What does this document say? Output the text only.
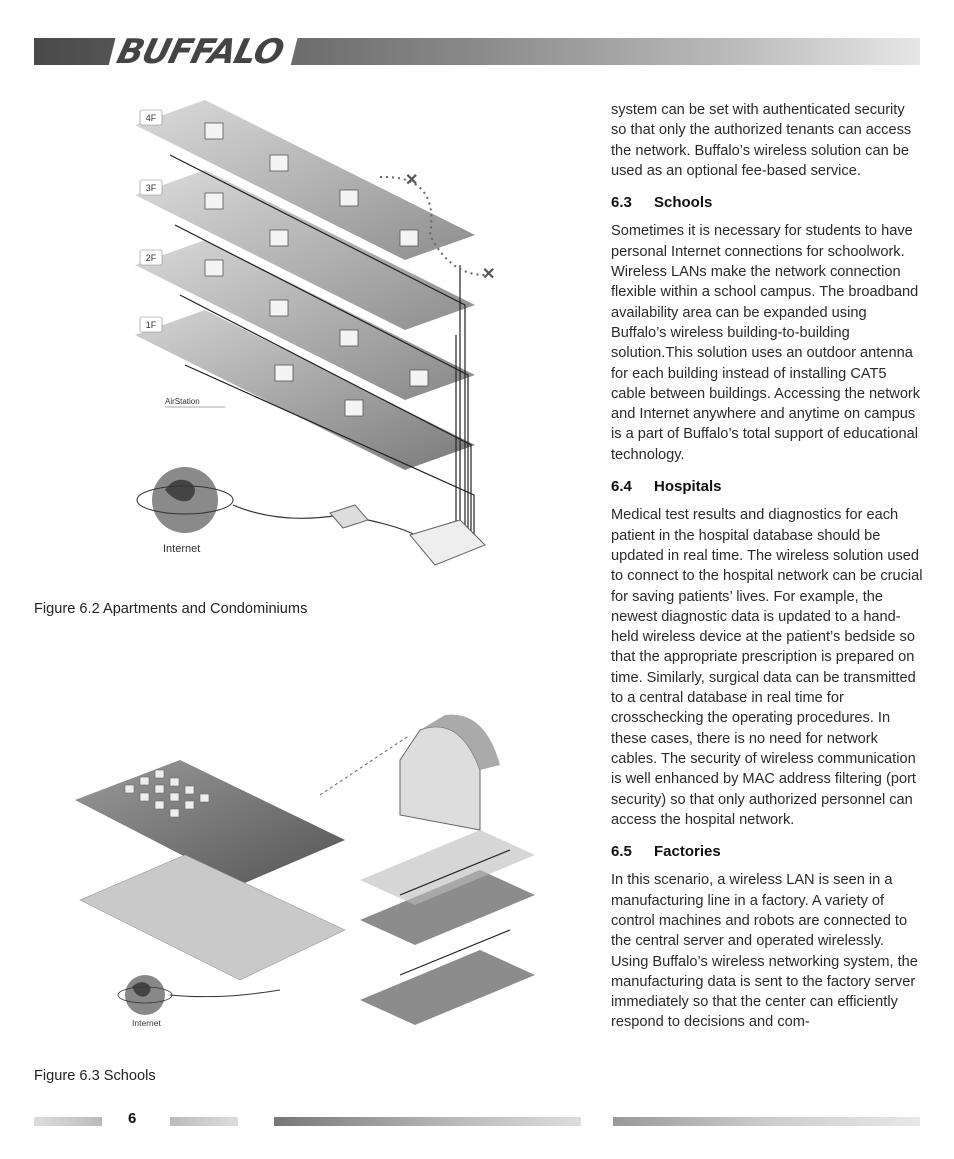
BUFFALO
4F
3F
2F
1F
AirStation
✕
✕
Internet
Figure 6.2 Apartments and Condominiums
Internet
Figure 6.3 Schools

system can be set with authenticated security so that only the authorized tenants can access the network. Buffalo’s wireless solution can be used as an optional fee-based service.

6.3 Schools

Sometimes it is necessary for students to have personal Internet connections for schoolwork. Wireless LANs make the network connection flexible within a school campus. The broadband availability area can be expanded using Buffalo’s wireless building-to-building solution.This solution uses an outdoor antenna for each building instead of installing CAT5 cable between buildings. Accessing the network and Internet anywhere and anytime on campus is a part of Buffalo’s total support of educational technology.

6.4 Hospitals

Medical test results and diagnostics for each patient in the hospital database should be updated in real time. The wireless solution used to connect to the hospital network can be crucial for saving patients’ lives. For example, the newest diagnostic data is updated to a hand-held wireless device at the patient’s bedside so that the appropriate prescription is prepared on time. Similarly, surgical data can be transmitted to a central database in real time for crosschecking the operating procedures. In these cases, there is no need for network cables. The security of wireless communication is well enhanced by MAC address filtering (port security) so that only authorized personnel can access the hospital network.

6.5 Factories

In this scenario, a wireless LAN is seen in a manufacturing line in a factory. A variety of control machines and robots are connected to the central server and operated wirelessly. Using Buffalo’s wireless networking system, the manufacturing data is sent to the factory server immediately so that the center can efficiently respond to decisions and com-

6
